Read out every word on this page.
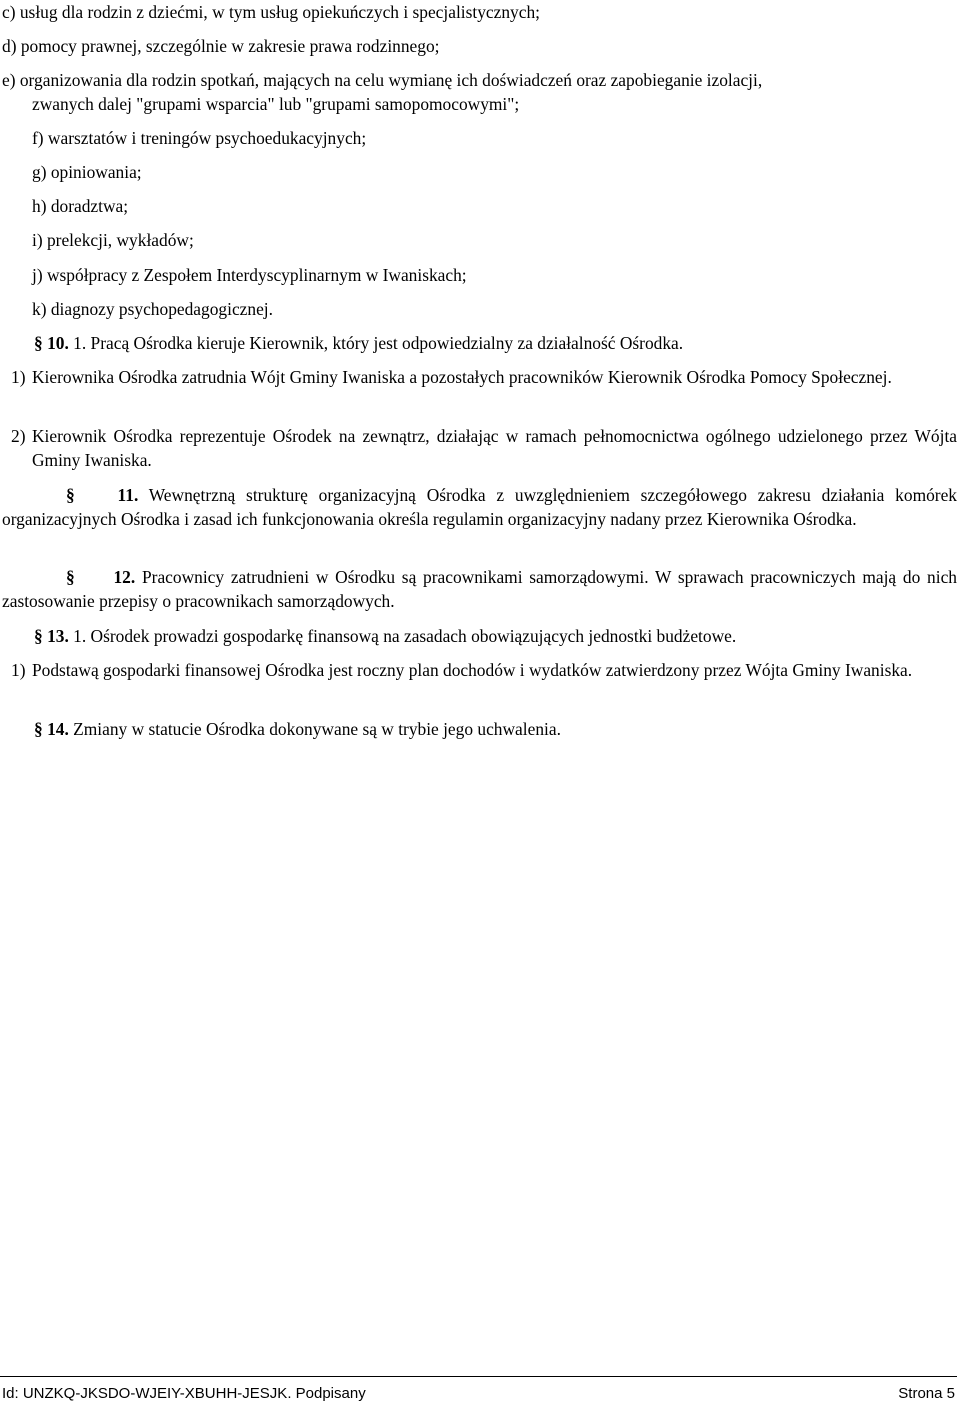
c) usług dla rodzin z dziećmi, w tym usług opiekuńczych i specjalistycznych;
d) pomocy prawnej, szczególnie w zakresie prawa rodzinnego;
e) organizowania dla rodzin spotkań, mających na celu wymianę ich doświadczeń oraz zapobieganie izolacji,
zwanych dalej "grupami wsparcia" lub "grupami samopomocowymi";
f) warsztatów i treningów psychoedukacyjnych;
g) opiniowania;
h) doradztwa;
i) prelekcji, wykładów;
j) współpracy z Zespołem Interdyscyplinarnym w Iwaniskach;
k) diagnozy psychopedagogicznej.
§ 10. 1. Pracą Ośrodka kieruje Kierownik, który jest odpowiedzialny za działalność Ośrodka.
1) Kierownika Ośrodka zatrudnia Wójt Gminy Iwaniska a pozostałych pracowników Kierownik Ośrodka Pomocy Społecznej.
2) Kierownik Ośrodka reprezentuje Ośrodek na zewnątrz, działając w ramach pełnomocnictwa ogólnego udzielonego przez Wójta Gminy Iwaniska.
§ 11. Wewnętrzną strukturę organizacyjną Ośrodka z uwzględnieniem szczegółowego zakresu działania komórek organizacyjnych Ośrodka i zasad ich funkcjonowania określa regulamin organizacyjny nadany przez Kierownika Ośrodka.
§ 12. Pracownicy zatrudnieni w Ośrodku są pracownikami samorządowymi. W sprawach pracowniczych mają do nich zastosowanie przepisy o pracownikach samorządowych.
§ 13. 1. Ośrodek prowadzi gospodarkę finansową na zasadach obowiązujących jednostki budżetowe.
1) Podstawą gospodarki finansowej Ośrodka jest roczny plan dochodów i wydatków zatwierdzony przez Wójta Gminy Iwaniska.
§ 14. Zmiany w statucie Ośrodka dokonywane są w trybie jego uchwalenia.
Id: UNZKQ-JKSDO-WJEIY-XBUHH-JESJK. Podpisany	Strona 5
